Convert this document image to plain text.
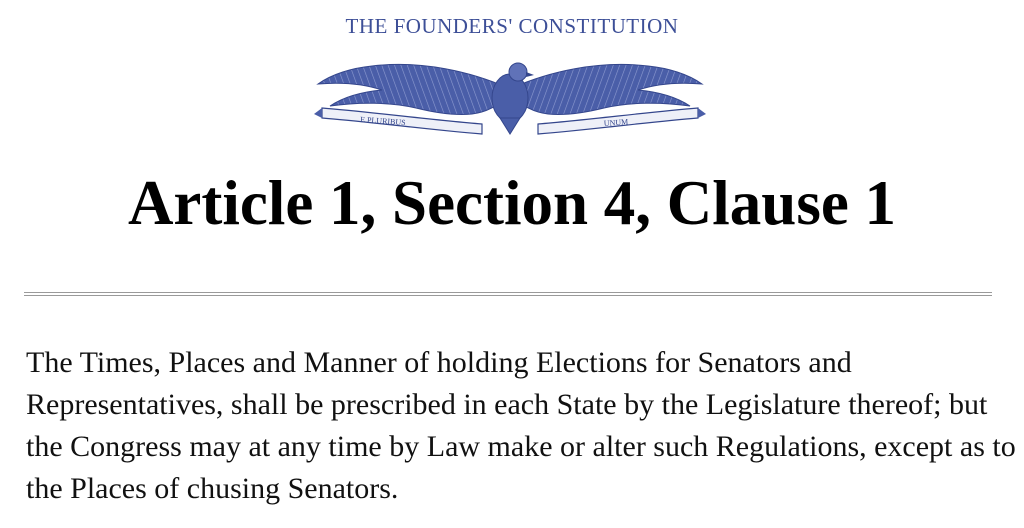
THE FOUNDERS' CONSTITUTION
E PLURIBUS	UNUM
Article 1, Section 4, Clause 1

The Times, Places and Manner of holding Elections for Senators and Representatives, shall be prescribed in each State by the Legislature thereof; but the Congress may at any time by Law make or alter such Regulations, except as to the Places of chusing Senators.
